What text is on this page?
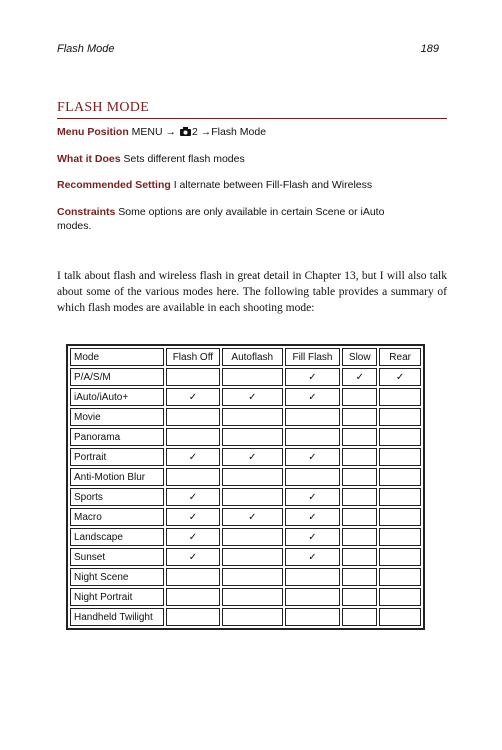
Flash Mode	189
FLASH MODE
Menu Position MENU → 2 →Flash Mode
What it Does Sets different flash modes
Recommended Setting I alternate between Fill-Flash and Wireless
Constraints Some options are only available in certain Scene or iAuto modes.
I talk about flash and wireless flash in great detail in Chapter 13, but I will also talk about some of the various modes here. The following table provides a summary of which flash modes are available in each shooting mode:
Mode	Flash Off	Autoflash	Fill Flash	Slow	Rear
P/A/S/M			✓	✓	✓
iAuto/iAuto+	✓	✓	✓		
Movie					
Panorama					
Portrait	✓	✓	✓		
Anti-Motion Blur					
Sports	✓		✓		
Macro	✓	✓	✓		
Landscape	✓		✓		
Sunset	✓		✓		
Night Scene					
Night Portrait					
Handheld Twilight					
